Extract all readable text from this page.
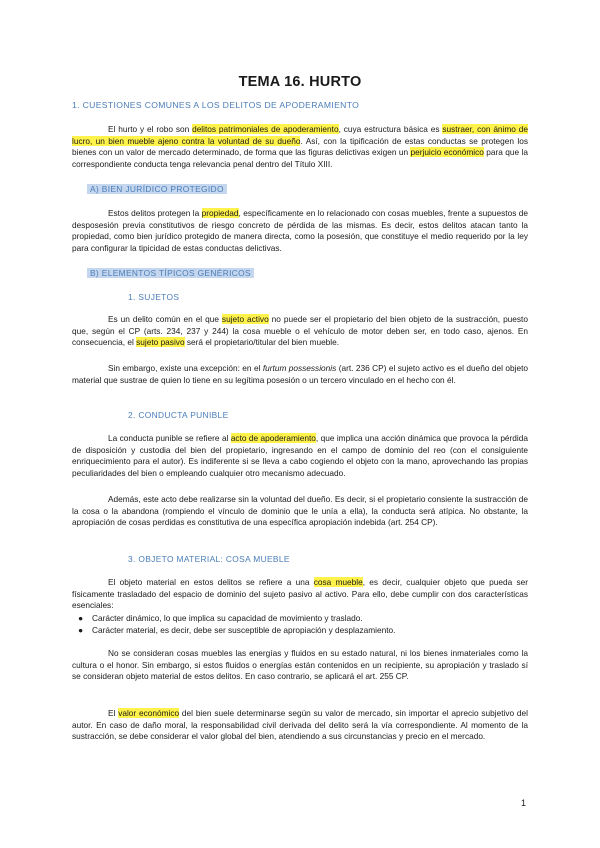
TEMA 16. HURTO
1. CUESTIONES COMUNES A LOS DELITOS DE APODERAMIENTO

El hurto y el robo son delitos patrimoniales de apoderamiento, cuya estructura básica es sustraer, con ánimo de lucro, un bien mueble ajeno contra la voluntad de su dueño. Así, con la tipificación de estas conductas se protegen los bienes con un valor de mercado determinado, de forma que las figuras delictivas exigen un perjuicio económico para que la correspondiente conducta tenga relevancia penal dentro del Título XIII.

A) BIEN JURÍDICO PROTEGIDO

Estos delitos protegen la propiedad, específicamente en lo relacionado con cosas muebles, frente a supuestos de desposesión previa constitutivos de riesgo concreto de pérdida de las mismas. Es decir, estos delitos atacan tanto la propiedad, como bien jurídico protegido de manera directa, como la posesión, que constituye el medio requerido por la ley para configurar la tipicidad de estas conductas delictivas.

B) ELEMENTOS TÍPICOS GENÉRICOS
1. SUJETOS

Es un delito común en el que sujeto activo no puede ser el propietario del bien objeto de la sustracción, puesto que, según el CP (arts. 234, 237 y 244) la cosa mueble o el vehículo de motor deben ser, en todo caso, ajenos. En consecuencia, el sujeto pasivo será el propietario/titular del bien mueble.

Sin embargo, existe una excepción: en el furtum possessionis (art. 236 CP) el sujeto activo es el dueño del objeto material que sustrae de quien lo tiene en su legítima posesión o un tercero vinculado en el hecho con él.

2. CONDUCTA PUNIBLE

La conducta punible se refiere al acto de apoderamiento, que implica una acción dinámica que provoca la pérdida de disposición y custodia del bien del propietario, ingresando en el campo de dominio del reo (con el consiguiente enriquecimiento para el autor). Es indiferente si se lleva a cabo cogiendo el objeto con la mano, aprovechando las propias peculiaridades del bien o empleando cualquier otro mecanismo adecuado.

Además, este acto debe realizarse sin la voluntad del dueño. Es decir, si el propietario consiente la sustracción de la cosa o la abandona (rompiendo el vínculo de dominio que le unía a ella), la conducta será atípica. No obstante, la apropiación de cosas perdidas es constitutiva de una específica apropiación indebida (art. 254 CP).

3. OBJETO MATERIAL: COSA MUEBLE

El objeto material en estos delitos se refiere a una cosa mueble, es decir, cualquier objeto que pueda ser físicamente trasladado del espacio de dominio del sujeto pasivo al activo. Para ello, debe cumplir con dos características esenciales:

● Carácter dinámico, lo que implica su capacidad de movimiento y traslado.
● Carácter material, es decir, debe ser susceptible de apropiación y desplazamiento.

No se consideran cosas muebles las energías y fluidos en su estado natural, ni los bienes inmateriales como la cultura o el honor. Sin embargo, si estos fluidos o energías están contenidos en un recipiente, su apropiación y traslado sí se consideran objeto material de estos delitos. En caso contrario, se aplicará el art. 255 CP.

El valor económico del bien suele determinarse según su valor de mercado, sin importar el aprecio subjetivo del autor. En caso de daño moral, la responsabilidad civil derivada del delito será la vía correspondiente. Al momento de la sustracción, se debe considerar el valor global del bien, atendiendo a sus circunstancias y precio en el mercado.

1
